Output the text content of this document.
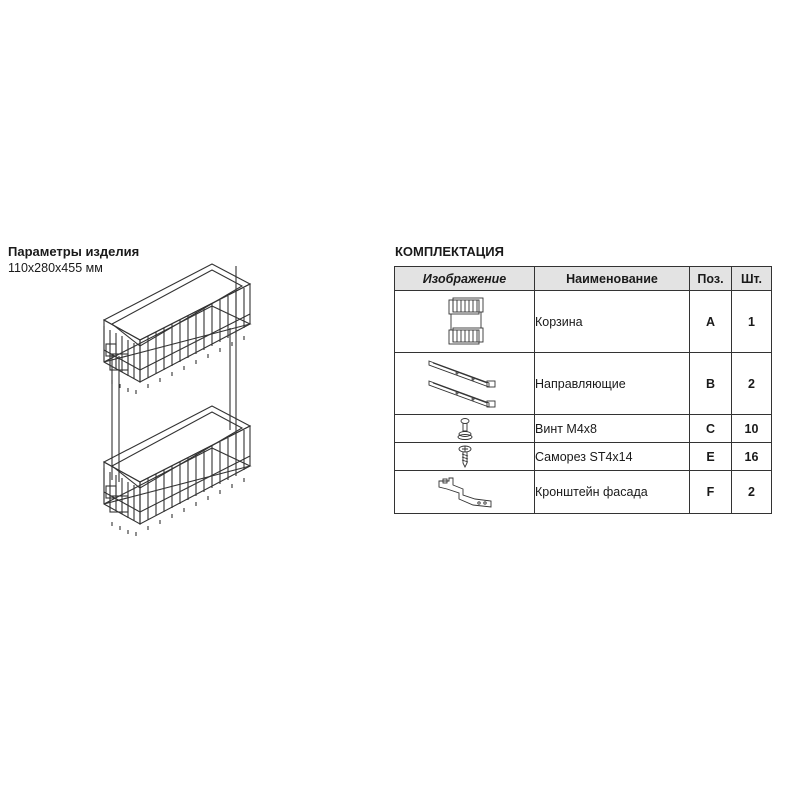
Параметры изделия
110x280x455 мм
КОМПЛЕКТАЦИЯ
Изображение	Наименование	Поз.	Шт.

	Корзина	A	1

	Направляющие	B	2

	Винт М4х8	C	10

	Саморез ST4х14	E	16

	Кронштейн фасада	F	2
